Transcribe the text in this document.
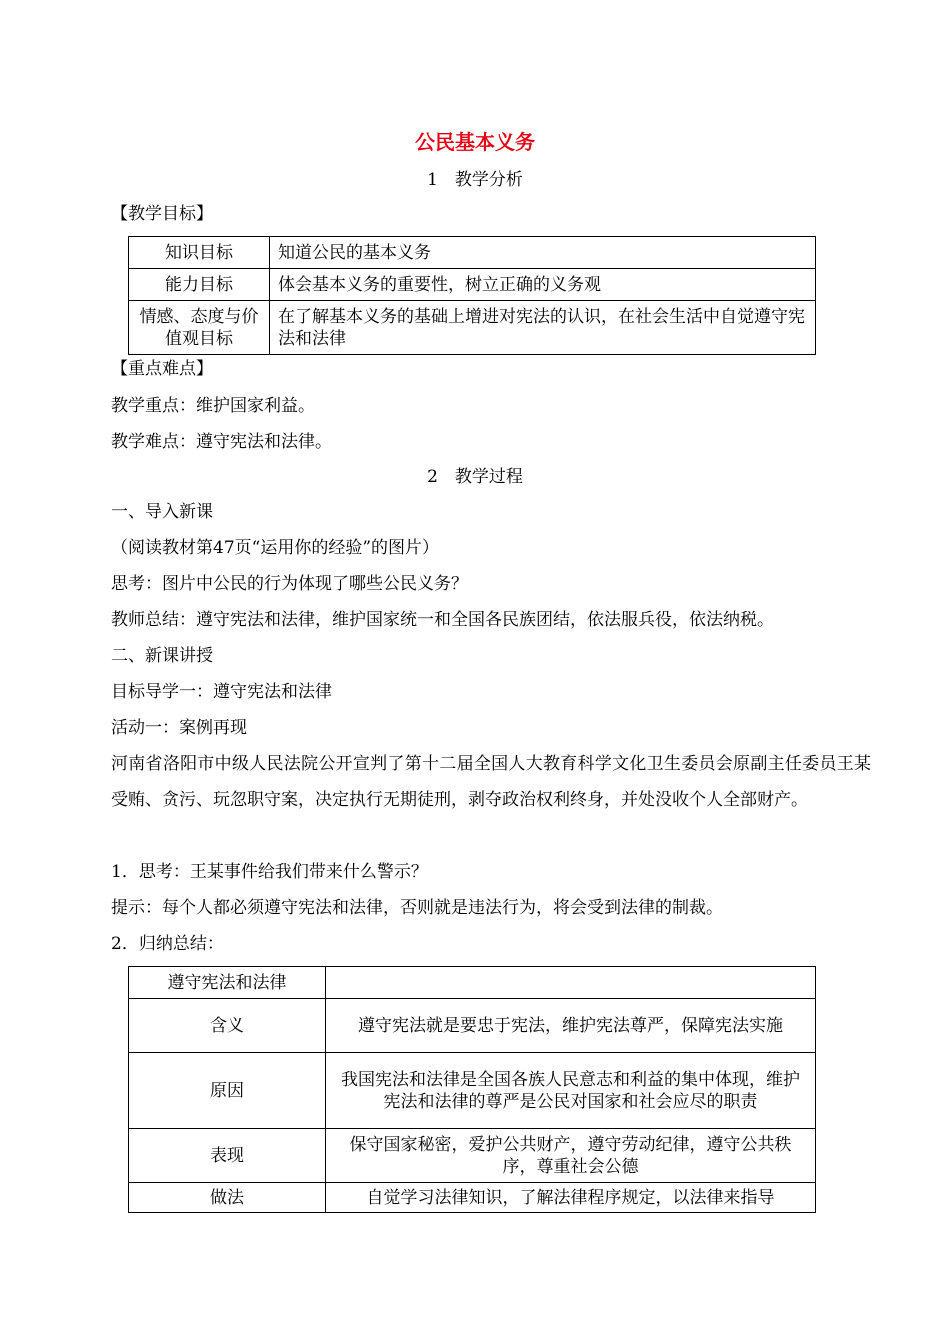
公民基本义务
1　教学分析
【教学目标】
知识目标	知道公民的基本义务
能力目标	体会基本义务的重要性，树立正确的义务观
情感、态度与价值观目标	在了解基本义务的基础上增进对宪法的认识，在社会生活中自觉遵守宪法和法律
【重点难点】
教学重点：维护国家利益。
教学难点：遵守宪法和法律。
2　教学过程
一、导入新课
（阅读教材第47页“运用你的经验”的图片）
思考：图片中公民的行为体现了哪些公民义务？
教师总结：遵守宪法和法律，维护国家统一和全国各民族团结，依法服兵役，依法纳税。
二、新课讲授
目标导学一：遵守宪法和法律
活动一：案例再现
河南省洛阳市中级人民法院公开宣判了第十二届全国人大教育科学文化卫生委员会原副主任委员王某受贿、贪污、玩忽职守案，决定执行无期徒刑，剥夺政治权利终身，并处没收个人全部财产。
1．思考：王某事件给我们带来什么警示？
提示：每个人都必须遵守宪法和法律，否则就是违法行为，将会受到法律的制裁。
2．归纳总结：
遵守宪法和法律	
含义	遵守宪法就是要忠于宪法，维护宪法尊严，保障宪法实施
原因	我国宪法和法律是全国各族人民意志和利益的集中体现，维护宪法和法律的尊严是公民对国家和社会应尽的职责
表现	保守国家秘密，爱护公共财产，遵守劳动纪律，遵守公共秩序，尊重社会公德
做法	自觉学习法律知识，了解法律程序规定，以法律来指导
